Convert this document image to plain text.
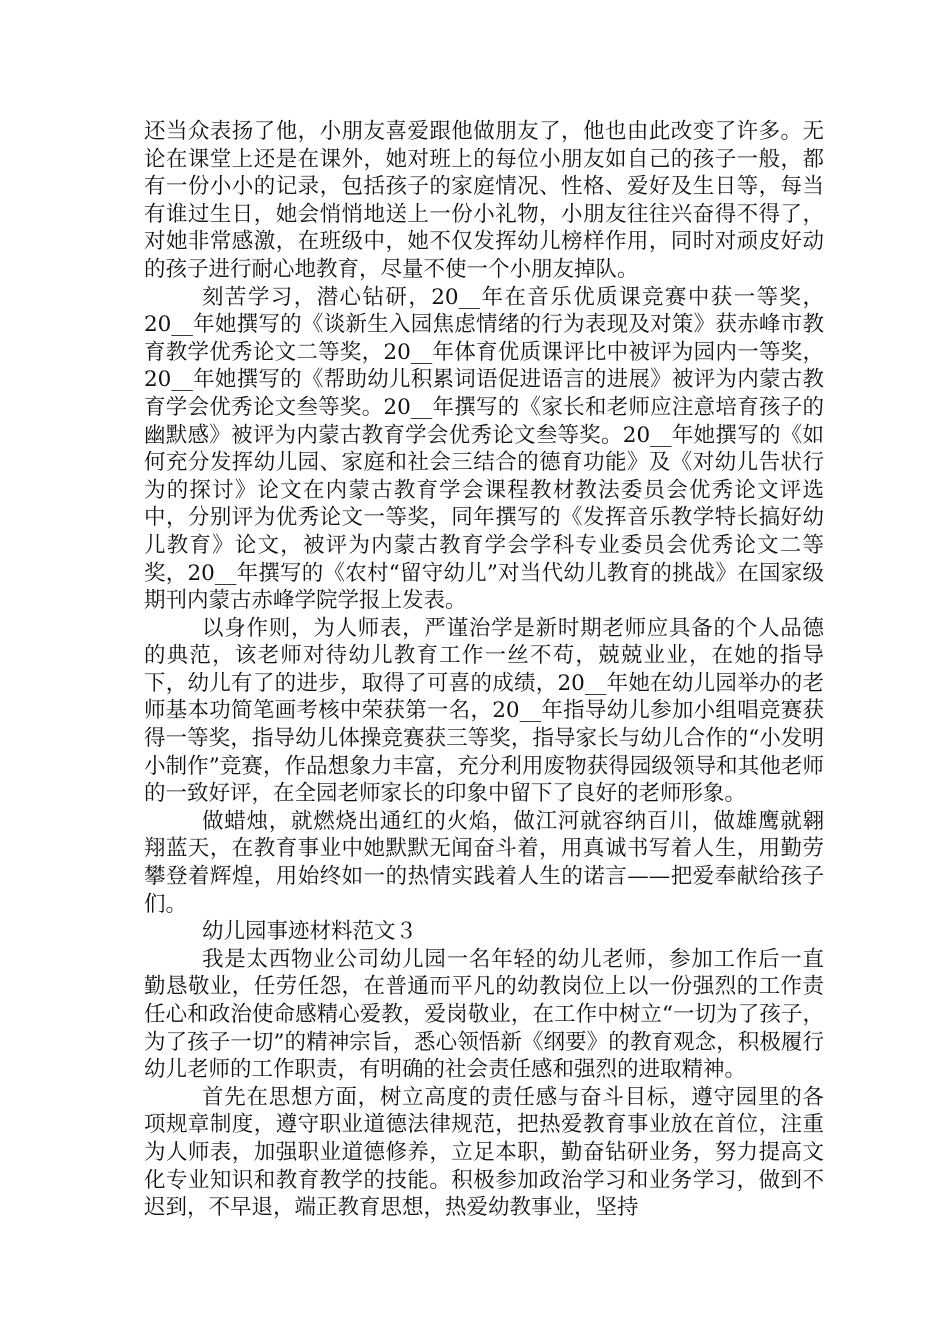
还当众表扬了他，小朋友喜爱跟他做朋友了，他也由此改变了许多。无论在课堂上还是在课外，她对班上的每位小朋友如自己的孩子一般，都有一份小小的记录，包括孩子的家庭情况、性格、爱好及生日等，每当有谁过生日，她会悄悄地送上一份小礼物，小朋友往往兴奋得不得了，对她非常感激，在班级中，她不仅发挥幼儿榜样作用，同时对顽皮好动的孩子进行耐心地教育，尽量不使一个小朋友掉队。

刻苦学习，潜心钻研，20__年在音乐优质课竞赛中获一等奖，20__年她撰写的《谈新生入园焦虑情绪的行为表现及对策》获赤峰市教育教学优秀论文二等奖，20__年体育优质课评比中被评为园内一等奖，20__年她撰写的《帮助幼儿积累词语促进语言的进展》被评为内蒙古教育学会优秀论文叁等奖。20__年撰写的《家长和老师应注意培育孩子的幽默感》被评为内蒙古教育学会优秀论文叁等奖。20__年她撰写的《如何充分发挥幼儿园、家庭和社会三结合的德育功能》及《对幼儿告状行为的探讨》论文在内蒙古教育学会课程教材教法委员会优秀论文评选中，分别评为优秀论文一等奖，同年撰写的《发挥音乐教学特长搞好幼儿教育》论文，被评为内蒙古教育学会学科专业委员会优秀论文二等奖，20__年撰写的《农村“留守幼儿”对当代幼儿教育的挑战》在国家级期刊内蒙古赤峰学院学报上发表。

以身作则，为人师表，严谨治学是新时期老师应具备的个人品德的典范，该老师对待幼儿教育工作一丝不苟，兢兢业业，在她的指导下，幼儿有了的进步，取得了可喜的成绩，20__年她在幼儿园举办的老师基本功简笔画考核中荣获第一名，20__年指导幼儿参加小组唱竞赛获得一等奖，指导幼儿体操竞赛获三等奖，指导家长与幼儿合作的“小发明小制作”竞赛，作品想象力丰富，充分利用废物获得园级领导和其他老师的一致好评，在全园老师家长的印象中留下了良好的老师形象。

做蜡烛，就燃烧出通红的火焰，做江河就容纳百川，做雄鹰就翱翔蓝天，在教育事业中她默默无闻奋斗着，用真诚书写着人生，用勤劳攀登着辉煌，用始终如一的热情实践着人生的诺言——把爱奉献给孩子们。

幼儿园事迹材料范文３

我是太西物业公司幼儿园一名年轻的幼儿老师，参加工作后一直勤恳敬业，任劳任怨，在普通而平凡的幼教岗位上以一份强烈的工作责任心和政治使命感精心爱教，爱岗敬业，在工作中树立“一切为了孩子，为了孩子一切”的精神宗旨，悉心领悟新《纲要》的教育观念，积极履行幼儿老师的工作职责，有明确的社会责任感和强烈的进取精神。

首先在思想方面，树立高度的责任感与奋斗目标，遵守园里的各项规章制度，遵守职业道德法律规范，把热爱教育事业放在首位，注重为人师表，加强职业道德修养，立足本职，勤奋钻研业务，努力提高文化专业知识和教育教学的技能。积极参加政治学习和业务学习，做到不迟到，不早退，端正教育思想，热爱幼教事业，坚持
